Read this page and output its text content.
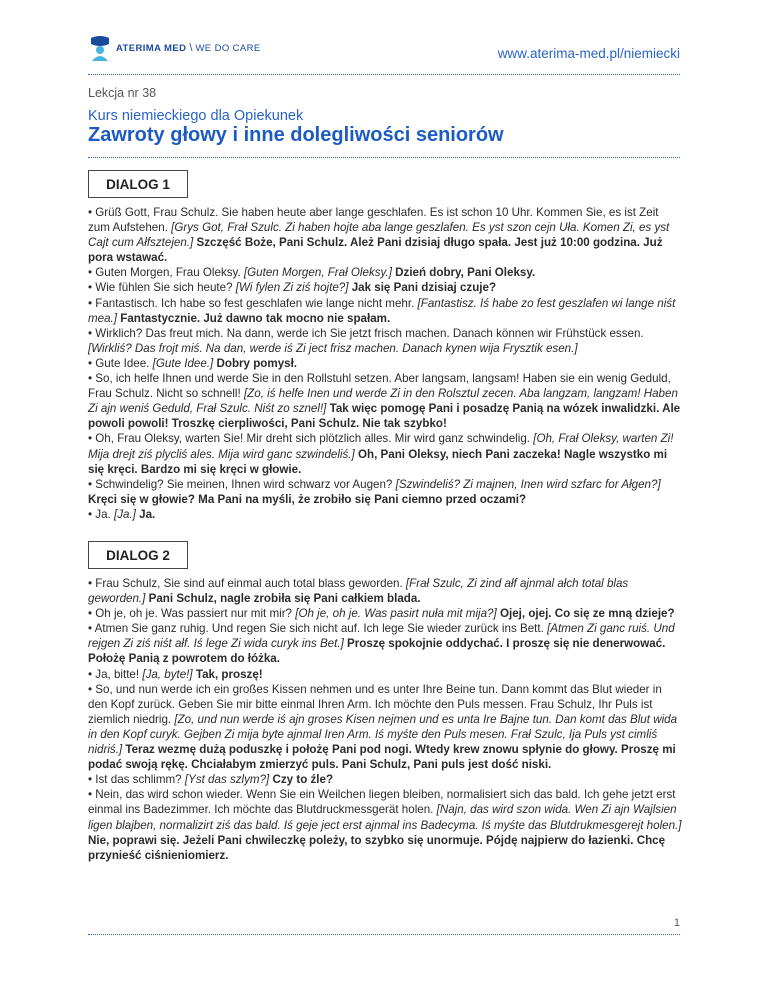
ATERIMA MED \ WE DO CARE	www.aterima-med.pl/niemiecki
Lekcja nr 38
Kurs niemieckiego dla Opiekunek
Zawroty głowy i inne dolegliwości seniorów
DIALOG 1

• Grüß Gott, Frau Schulz. Sie haben heute aber lange geschlafen. Es ist schon 10 Uhr. Kommen Sie, es ist Zeit zum Aufstehen. [Grys Got, Frał Szulc. Zi haben hojte aba lange geszlafen. Es yst szon cejn Uła. Komen Zi, es yst Cajt cum Ałfsztejen.] Szczęść Boże, Pani Schulz. Ależ Pani dzisiaj długo spała. Jest już 10:00 godzina. Już pora wstawać.

• Guten Morgen, Frau Oleksy. [Guten Morgen, Frał Oleksy.] Dzień dobry, Pani Oleksy.

• Wie fühlen Sie sich heute? [Wi fylen Zi ziś hojte?] Jak się Pani dzisiaj czuje?

• Fantastisch. Ich habe so fest geschlafen wie lange nicht mehr. [Fantastisz. Iś habe zo fest geszlafen wi lange niśt mea.] Fantastycznie. Już dawno tak mocno nie spałam.

• Wirklich? Das freut mich. Na dann, werde ich Sie jetzt frisch machen. Danach können wir Frühstück essen. [Wirkliś? Das frojt miś. Na dan, werde iś Zi ject frisz machen. Danach kynen wija Frysztik esen.]

• Gute Idee. [Gute Idee.] Dobry pomysł.

• So, ich helfe Ihnen und werde Sie in den Rollstuhl setzen. Aber langsam, langsam! Haben sie ein wenig Geduld, Frau Schulz. Nicht so schnell! [Zo, iś helfe Inen und werde Zi in den Rolsztul zecen. Aba langzam, langzam! Haben Zi ajn weniś Geduld, Frał Szulc. Niśt zo sznel!] Tak więc pomogę Pani i posadzę Panią na wózek inwalidzki. Ale powoli powoli! Troszkę cierpliwości, Pani Schulz. Nie tak szybko!

• Oh, Frau Oleksy, warten Sie! Mir dreht sich plötzlich alles. Mir wird ganz schwindelig. [Oh, Frał Oleksy, warten Zi! Mija drejt ziś plycliś ales. Mija wird ganc szwindeliś.] Oh, Pani Oleksy, niech Pani zaczeka! Nagle wszystko mi się kręci. Bardzo mi się kręci w głowie.

• Schwindelig? Sie meinen, Ihnen wird schwarz vor Augen? [Szwindeliś? Zi majnen, Inen wird szfarc for Ałgen?] Kręci się w głowie? Ma Pani na myśli, że zrobiło się Pani ciemno przed oczami?

• Ja. [Ja.] Ja.

DIALOG 2

• Frau Schulz, Sie sind auf einmal auch total blass geworden. [Frał Szulc, Zi zind ałf ajnmal ałch total blas geworden.] Pani Schulz, nagle zrobiła się Pani całkiem blada.

• Oh je, oh je. Was passiert nur mit mir? [Oh je, oh je. Was pasirt nuła mit mija?] Ojej, ojej. Co się ze mną dzieje?

• Atmen Sie ganz ruhig. Und regen Sie sich nicht auf. Ich lege Sie wieder zurück ins Bett. [Atmen Zi ganc ruiś. Und rejgen Zi ziś niśt ałf. Iś lege Zi wida curyk ins Bet.] Proszę spokojnie oddychać. I proszę się nie denerwować. Położę Panią z powrotem do łóżka.

• Ja, bitte! [Ja, byte!] Tak, proszę!

• So, und nun werde ich ein großes Kissen nehmen und es unter Ihre Beine tun. Dann kommt das Blut wieder in den Kopf zurück. Geben Sie mir bitte einmal Ihren Arm. Ich möchte den Puls messen. Frau Schulz, Ihr Puls ist ziemlich niedrig. [Zo, und nun werde iś ajn groses Kisen nejmen und es unta Ire Bajne tun. Dan komt das Blut wida in den Kopf curyk. Gejben Zi mija byte ajnmal Iren Arm. Iś myśte den Puls mesen. Frał Szulc, Ija Puls yst cimliś nidriś.] Teraz wezmę dużą poduszkę i położę Pani pod nogi. Wtedy krew znowu spłynie do głowy. Proszę mi podać swoją rękę. Chciałabym zmierzyć puls. Pani Schulz, Pani puls jest dość niski.

• Ist das schlimm? [Yst das szlym?] Czy to źle?

• Nein, das wird schon wieder. Wenn Sie ein Weilchen liegen bleiben, normalisiert sich das bald. Ich gehe jetzt erst einmal ins Badezimmer. Ich möchte das Blutdruckmessgerät holen. [Najn, das wird szon wida. Wen Zi ajn Wajlsien ligen blajben, normalizirt ziś das bald. Iś geje ject erst ajnmal ins Badecyma. Iś myśte das Blutdrukmesgerejt holen.] Nie, poprawi się. Jeżeli Pani chwileczkę poleży, to szybko się unormuje. Pójdę najpierw do łazienki. Chcę przynieść ciśnieniomierz.

1
